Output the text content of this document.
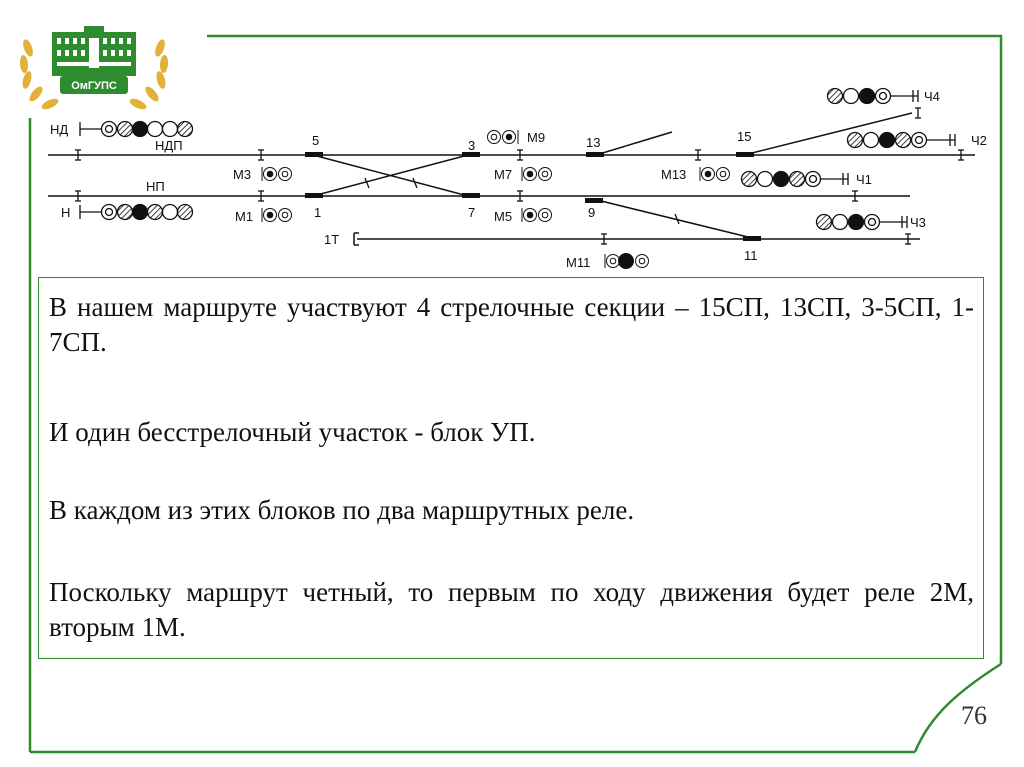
ОмГУПС
НД
НДП
НП
Н
М3
М1
М9
М7
М5
М13
М11
Ч4
Ч2
Ч1
Ч3
5	3
1	7
13	15
9
11
1Т

В нашем маршруте участвуют 4 стрелочные секции – 15СП, 13СП, 3-5СП, 1-7СП.

И один бесстрелочный участок - блок УП.

В каждом из этих блоков по два маршрутных реле.

Поскольку маршрут четный, то первым по ходу движения будет реле 2М, вторым 1М.

76
